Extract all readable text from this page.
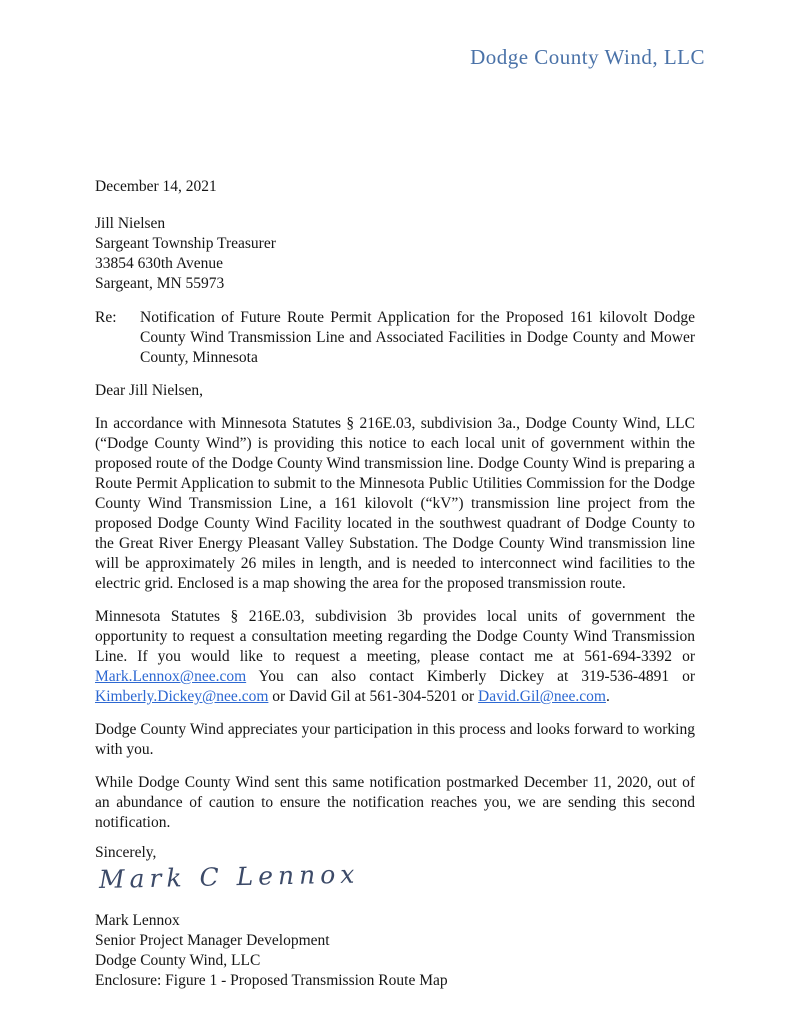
Dodge County Wind, LLC
December 14, 2021
Jill Nielsen
Sargeant Township Treasurer
33854 630th Avenue
Sargeant, MN 55973
Re:	Notification of Future Route Permit Application for the Proposed 161 kilovolt Dodge County Wind Transmission Line and Associated Facilities in Dodge County and Mower County, Minnesota
Dear Jill Nielsen,
In accordance with Minnesota Statutes § 216E.03, subdivision 3a., Dodge County Wind, LLC (“Dodge County Wind”) is providing this notice to each local unit of government within the proposed route of the Dodge County Wind transmission line. Dodge County Wind is preparing a Route Permit Application to submit to the Minnesota Public Utilities Commission for the Dodge County Wind Transmission Line, a 161 kilovolt (“kV”) transmission line project from the proposed Dodge County Wind Facility located in the southwest quadrant of Dodge County to the Great River Energy Pleasant Valley Substation. The Dodge County Wind transmission line will be approximately 26 miles in length, and is needed to interconnect wind facilities to the electric grid. Enclosed is a map showing the area for the proposed transmission route.
Minnesota Statutes § 216E.03, subdivision 3b provides local units of government the opportunity to request a consultation meeting regarding the Dodge County Wind Transmission Line. If you would like to request a meeting, please contact me at 561-694-3392 or Mark.Lennox@nee.com You can also contact Kimberly Dickey at 319-536-4891 or Kimberly.Dickey@nee.com or David Gil at 561-304-5201 or David.Gil@nee.com.
Dodge County Wind appreciates your participation in this process and looks forward to working with you.
While Dodge County Wind sent this same notification postmarked December 11, 2020, out of an abundance of caution to ensure the notification reaches you, we are sending this second notification.
Sincerely,
Mark C Lennox
Mark Lennox
Senior Project Manager Development
Dodge County Wind, LLC
Enclosure: Figure 1 - Proposed Transmission Route Map
